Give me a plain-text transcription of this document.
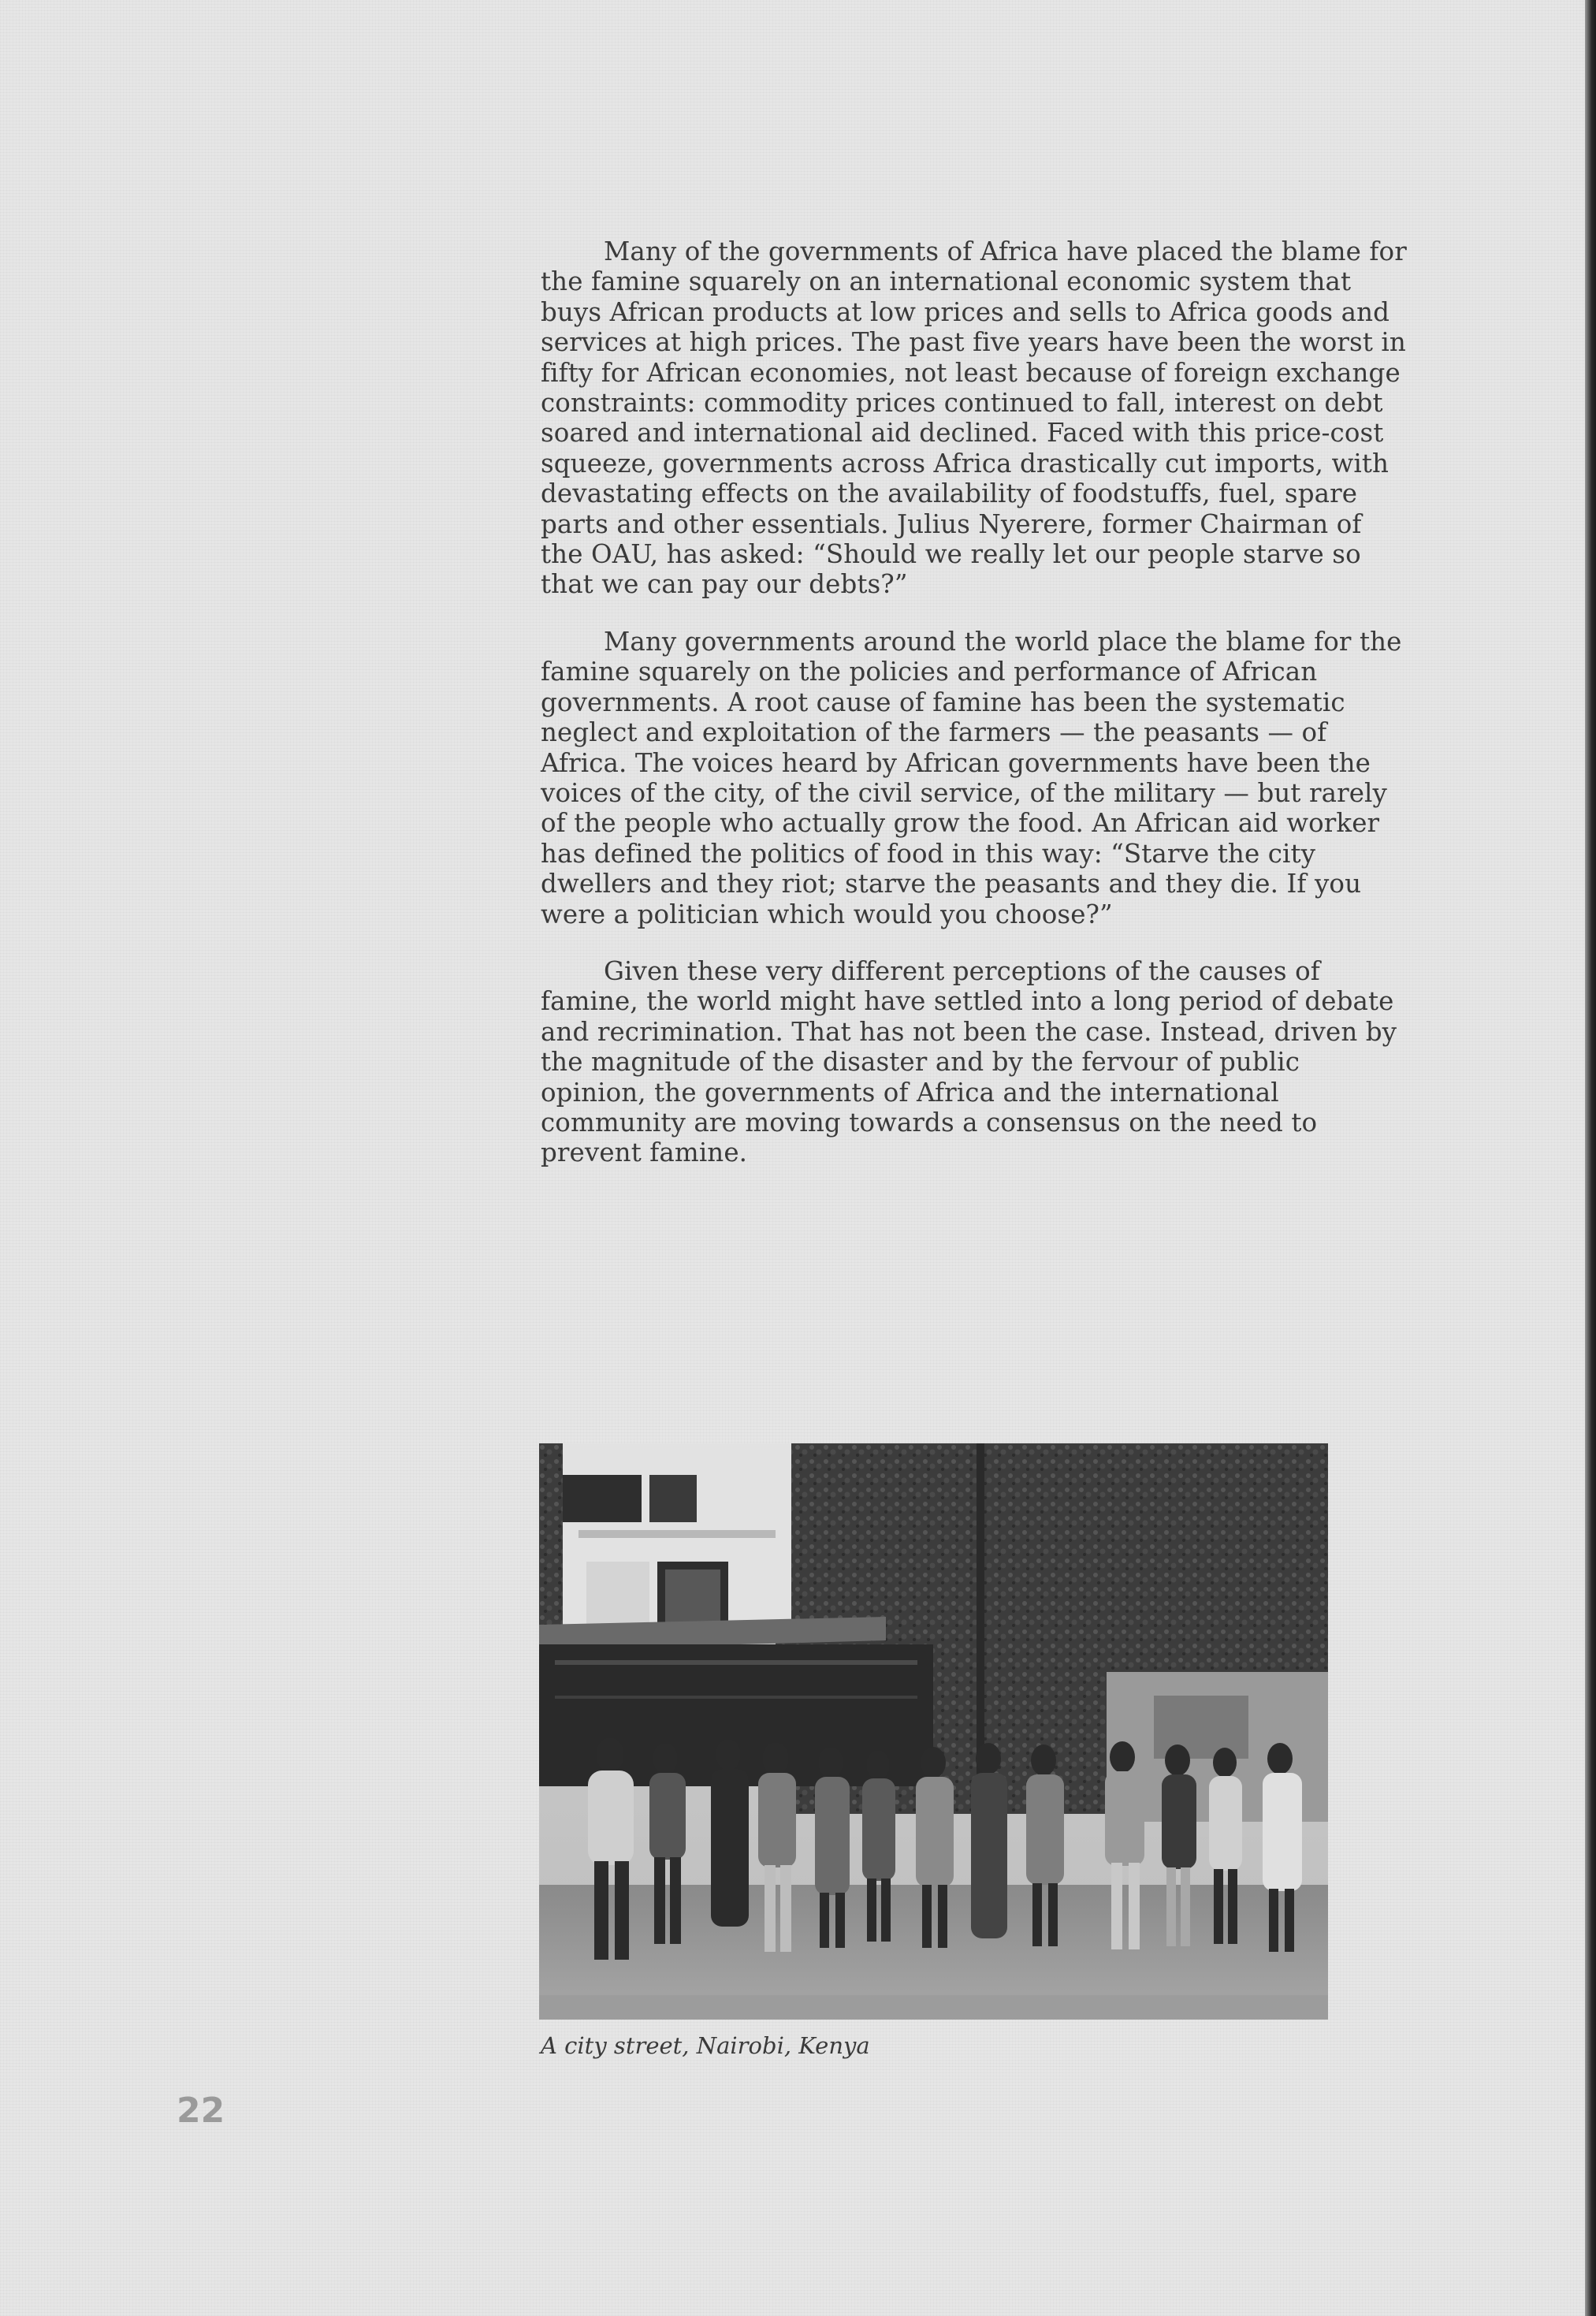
Many of the governments of Africa have placed the blame for the famine squarely on an international economic system that buys African products at low prices and sells to Africa goods and services at high prices. The past five years have been the worst in fifty for African economies, not least because of foreign exchange constraints: commodity prices continued to fall, interest on debt soared and international aid declined. Faced with this price-cost squeeze, governments across Africa drastically cut imports, with devastating effects on the availability of foodstuffs, fuel, spare parts and other essentials. Julius Nyerere, former Chairman of the OAU, has asked: “Should we really let our people starve so that we can pay our debts?”

Many governments around the world place the blame for the famine squarely on the policies and performance of African governments. A root cause of famine has been the systematic neglect and exploitation of the farmers — the peasants — of Africa. The voices heard by African governments have been the voices of the city, of the civil service, of the military — but rarely of the people who actually grow the food. An African aid worker has defined the politics of food in this way: “Starve the city dwellers and they riot; starve the peasants and they die. If you were a politician which would you choose?”

Given these very different perceptions of the causes of famine, the world might have settled into a long period of debate and recrimination. That has not been the case. Instead, driven by the magnitude of the disaster and by the fervour of public opinion, the governments of Africa and the international community are moving towards a consensus on the need to prevent famine.

A city street, Nairobi, Kenya

22
